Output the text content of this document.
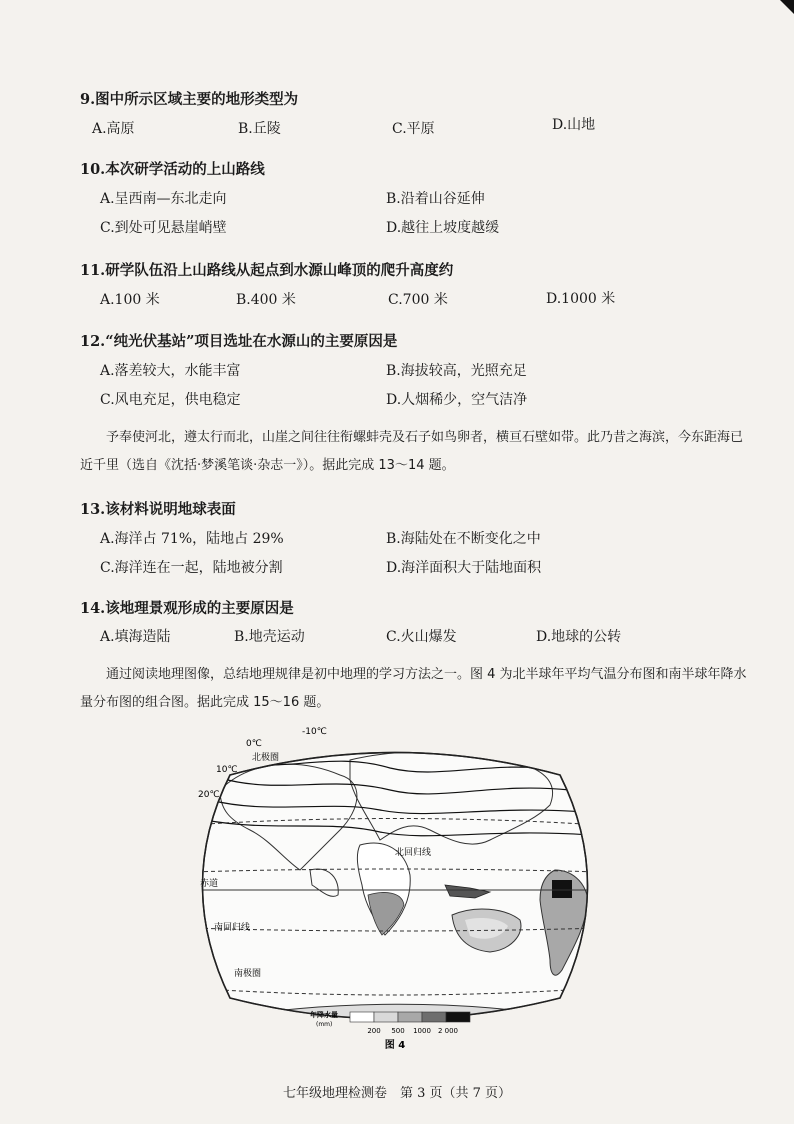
9.图中所示区域主要的地形类型为
A.高原	B.丘陵	C.平原	D.山地
10.本次研学活动的上山路线
A.呈西南—东北走向	B.沿着山谷延伸
C.到处可见悬崖峭壁	D.越往上坡度越缓
11.研学队伍沿上山路线从起点到水源山峰顶的爬升高度约
A.100 米	B.400 米	C.700 米	D.1000 米
12.“纯光伏基站”项目选址在水源山的主要原因是
A.落差较大，水能丰富	B.海拔较高，光照充足
C.风电充足，供电稳定	D.人烟稀少，空气洁净
予奉使河北，遵太行而北，山崖之间往往衔螺蚌壳及石子如鸟卵者，横亘石壁如带。此乃昔之海滨，今东距海已近千里（选自《沈括·梦溪笔谈·杂志一》）。据此完成 13～14 题。
13.该材料说明地球表面
A.海洋占 71%，陆地占 29%	B.海陆处在不断变化之中
C.海洋连在一起，陆地被分割	D.海洋面积大于陆地面积
14.该地理景观形成的主要原因是
A.填海造陆	B.地壳运动	C.火山爆发	D.地球的公转
通过阅读地理图像，总结地理规律是初中地理的学习方法之一。图 4 为北半球年平均气温分布图和南半球年降水量分布图的组合图。据此完成 15～16 题。
-10℃
0℃
10℃
20℃
北极圈
北回归线
赤道
南回归线
南极圈
年降水量
(mm)
200 500 1000 2 000
图 4
七年级地理检测卷　第 3 页（共 7 页）
